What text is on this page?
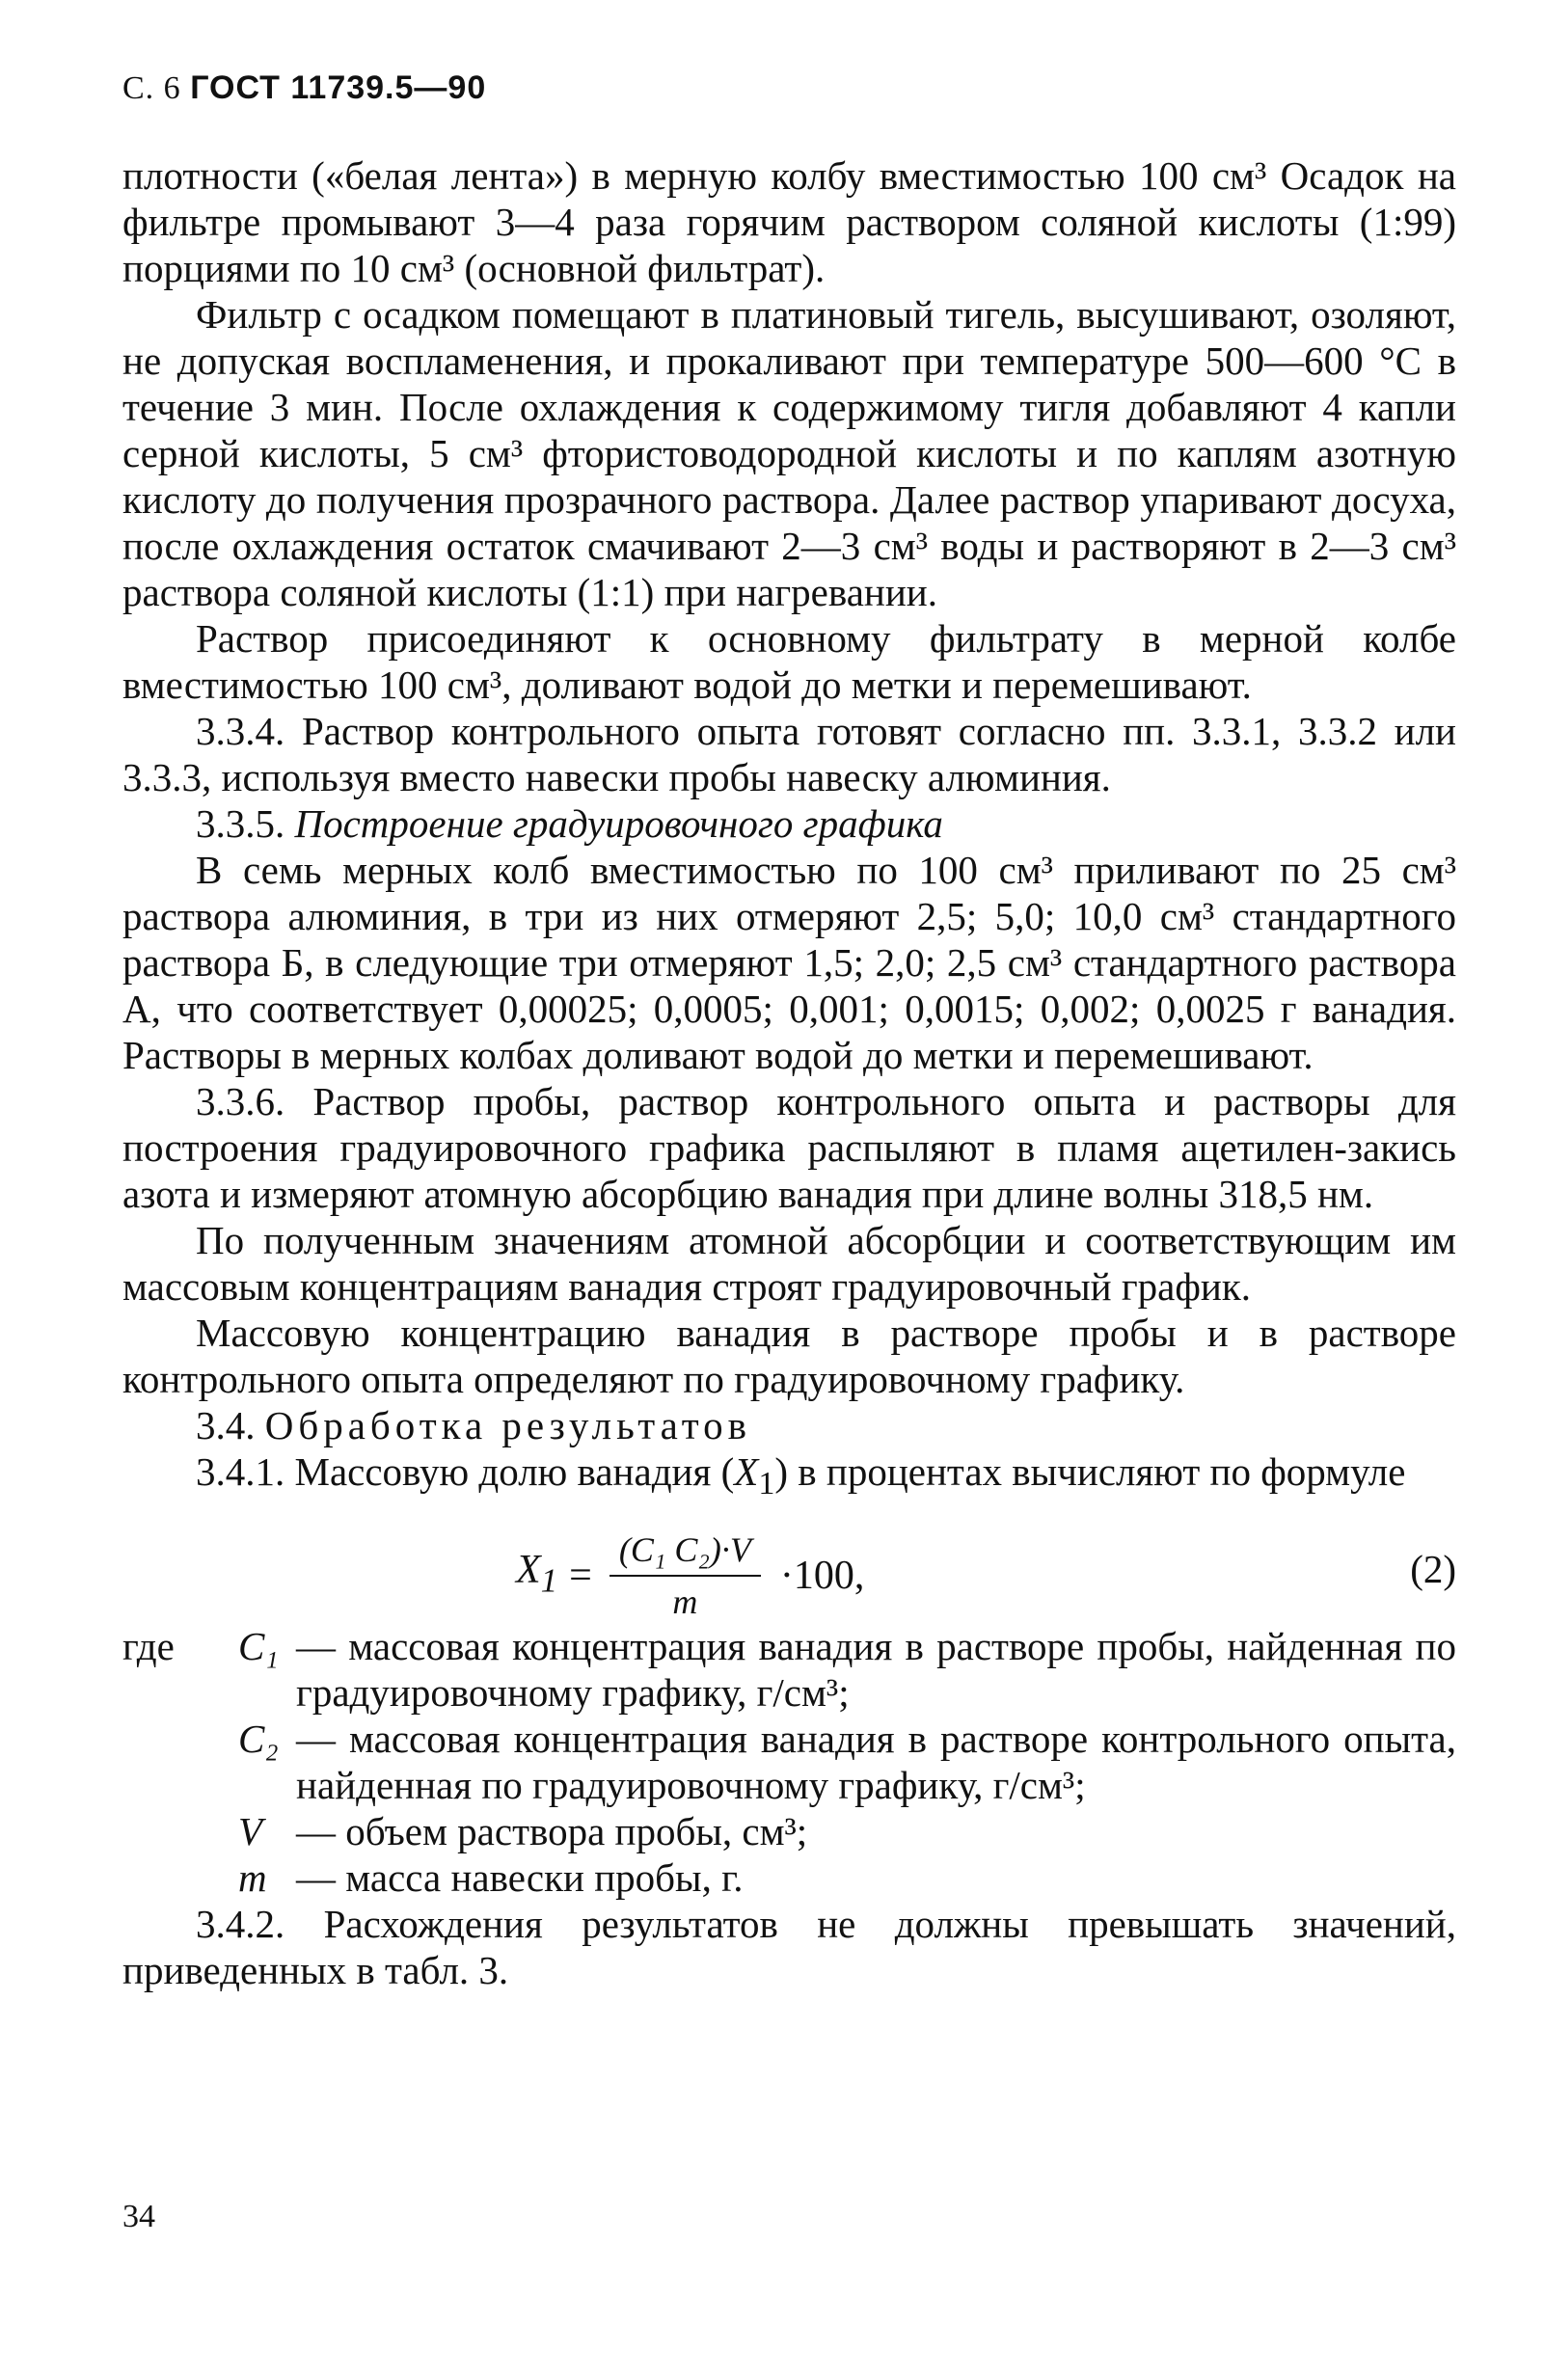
С. 6 ГОСТ 11739.5—90

плотности («белая лента») в мерную колбу вместимостью 100 см³ Осадок на фильтре промывают 3—4 раза горячим раствором соляной кислоты (1:99) порциями по 10 см³ (основной фильтрат).

Фильтр с осадком помещают в платиновый тигель, высушивают, озоляют, не допуская воспламенения, и прокаливают при температуре 500—600 °С в течение 3 мин. После охлаждения к содержимому тигля добавляют 4 капли серной кислоты, 5 см³ фтористоводородной кислоты и по каплям азотную кислоту до получения прозрачного раствора. Далее раствор упаривают досуха, после охлаждения остаток смачивают 2—3 см³ воды и растворяют в 2—3 см³ раствора соляной кислоты (1:1) при нагревании.

Раствор присоединяют к основному фильтрату в мерной колбе вместимостью 100 см³, доливают водой до метки и перемешивают.

3.3.4. Раствор контрольного опыта готовят согласно пп. 3.3.1, 3.3.2 или 3.3.3, используя вместо навески пробы навеску алюминия.

3.3.5. Построение градуировочного графика

В семь мерных колб вместимостью по 100 см³ приливают по 25 см³ раствора алюминия, в три из них отмеряют 2,5; 5,0; 10,0 см³ стандартного раствора Б, в следующие три отмеряют 1,5; 2,0; 2,5 см³ стандартного раствора А, что соответствует 0,00025; 0,0005; 0,001; 0,0015; 0,002; 0,0025 г ванадия. Растворы в мерных колбах доливают водой до метки и перемешивают.

3.3.6. Раствор пробы, раствор контрольного опыта и растворы для построения градуировочного графика распыляют в пламя ацетилен-закись азота и измеряют атомную абсорбцию ванадия при длине волны 318,5 нм.

По полученным значениям атомной абсорбции и соответствующим им массовым концентрациям ванадия строят градуировочный график.

Массовую концентрацию ванадия в растворе пробы и в растворе контрольного опыта определяют по градуировочному графику.

3.4. Обработка результатов

3.4.1. Массовую долю ванадия $(X_1)$ в процентах вычисляют по формуле

$X_1 = \frac{\text{(C₁ C₂)·V}}{m} \cdot 100$,	(2)
где	C₁ — массовая концентрация ванадия в растворе пробы, найденная по градуировочному графику, г/см³;
C₂ — массовая концентрация ванадия в растворе контрольного опыта, найденная по градуировочному графику, г/см³;
V — объем раствора пробы, см³;
m — масса навески пробы, г.

3.4.2. Расхождения результатов не должны превышать значений, приведенных в табл. 3.

34
